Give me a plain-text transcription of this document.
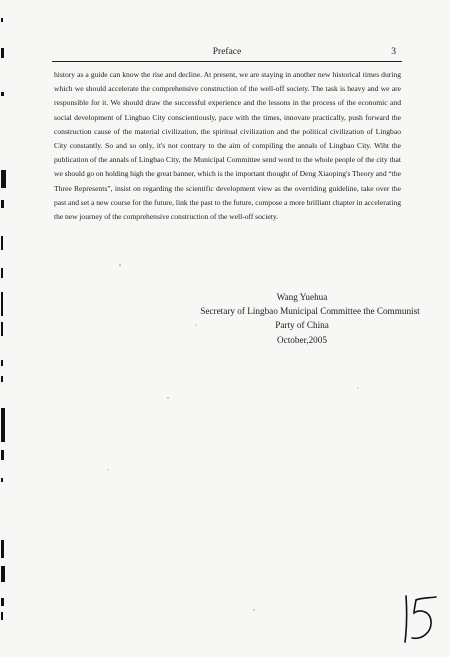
Preface	3

history as a guide can know the rise and decline. At present, we are staying in another new historical times during which we should accelerate the comprehensive construction of the well-off society. The task is heavy and we are responsible for it. We should draw the successful experience and the lessons in the process of the economic and social development of Lingbao City conscientiously, pace with the times, innovate practically, push forward the construction cause of the material civilization, the spiritual civilization and the political civilization of Lingbao City constantly. So and so only, it's not contrary to the aim of compiling the annals of Lingbao City. Wiht the publication of the annals of Lingbao City, the Municipal Committee send word to the whole people of the city that we should go on holding high the great banner, which is the important thought of Deng Xiaoping's Theory and “the Three Represents”, insist on regarding the scientific development view as the overriding guideline, take over the past and set a new course for the future, link the past to the future, compose a more brilliant chapter in accelerating the new journey of the comprehensive construction of the well-off society.

Wang Yuehua
Secretary of Lingbao Municipal Committee the Communist
Party of China
October,2005
